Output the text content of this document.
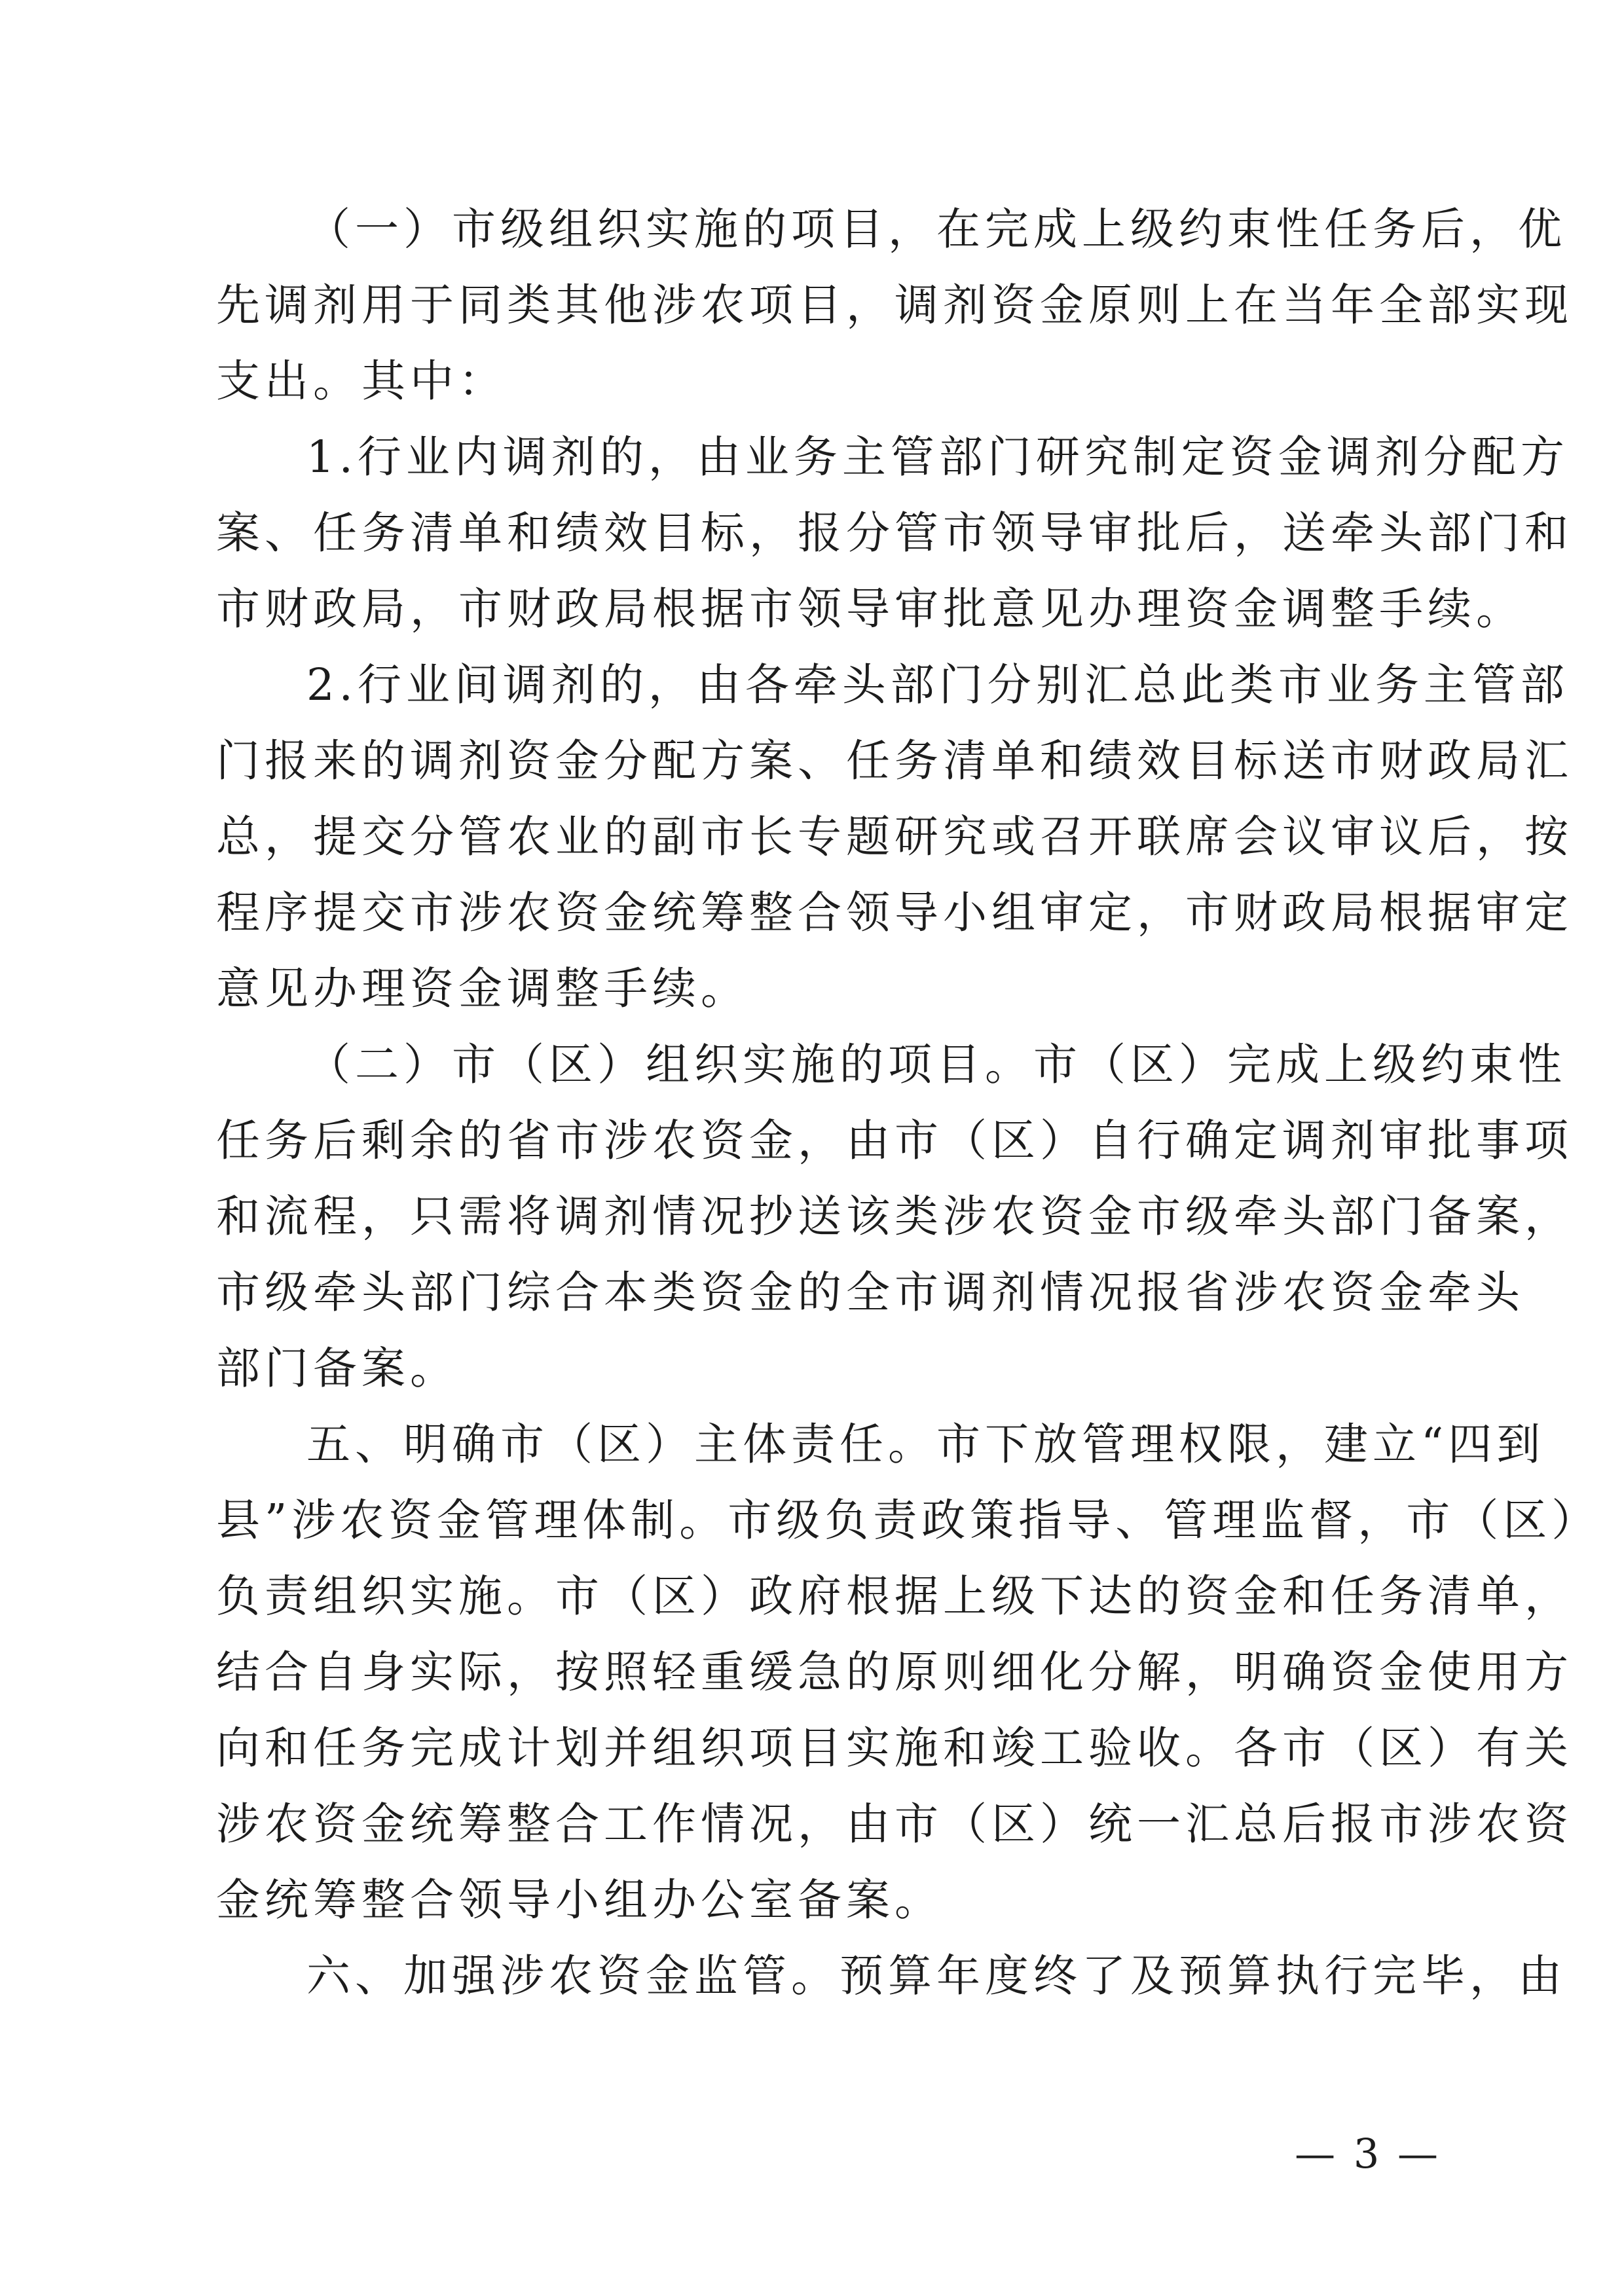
（一）市级组织实施的项目，在完成上级约束性任务后，优
先调剂用于同类其他涉农项目，调剂资金原则上在当年全部实现
支出。其中：
1.行业内调剂的，由业务主管部门研究制定资金调剂分配方
案、任务清单和绩效目标，报分管市领导审批后，送牵头部门和
市财政局，市财政局根据市领导审批意见办理资金调整手续。
2.行业间调剂的，由各牵头部门分别汇总此类市业务主管部
门报来的调剂资金分配方案、任务清单和绩效目标送市财政局汇
总，提交分管农业的副市长专题研究或召开联席会议审议后，按
程序提交市涉农资金统筹整合领导小组审定，市财政局根据审定
意见办理资金调整手续。
（二）市（区）组织实施的项目。市（区）完成上级约束性
任务后剩余的省市涉农资金，由市（区）自行确定调剂审批事项
和流程，只需将调剂情况抄送该类涉农资金市级牵头部门备案，
市级牵头部门综合本类资金的全市调剂情况报省涉农资金牵头
部门备案。
五、明确市（区）主体责任。市下放管理权限，建立“四到
县”涉农资金管理体制。市级负责政策指导、管理监督，市（区）
负责组织实施。市（区）政府根据上级下达的资金和任务清单，
结合自身实际，按照轻重缓急的原则细化分解，明确资金使用方
向和任务完成计划并组织项目实施和竣工验收。各市（区）有关
涉农资金统筹整合工作情况，由市（区）统一汇总后报市涉农资
金统筹整合领导小组办公室备案。
六、加强涉农资金监管。预算年度终了及预算执行完毕，由
— 3 —
